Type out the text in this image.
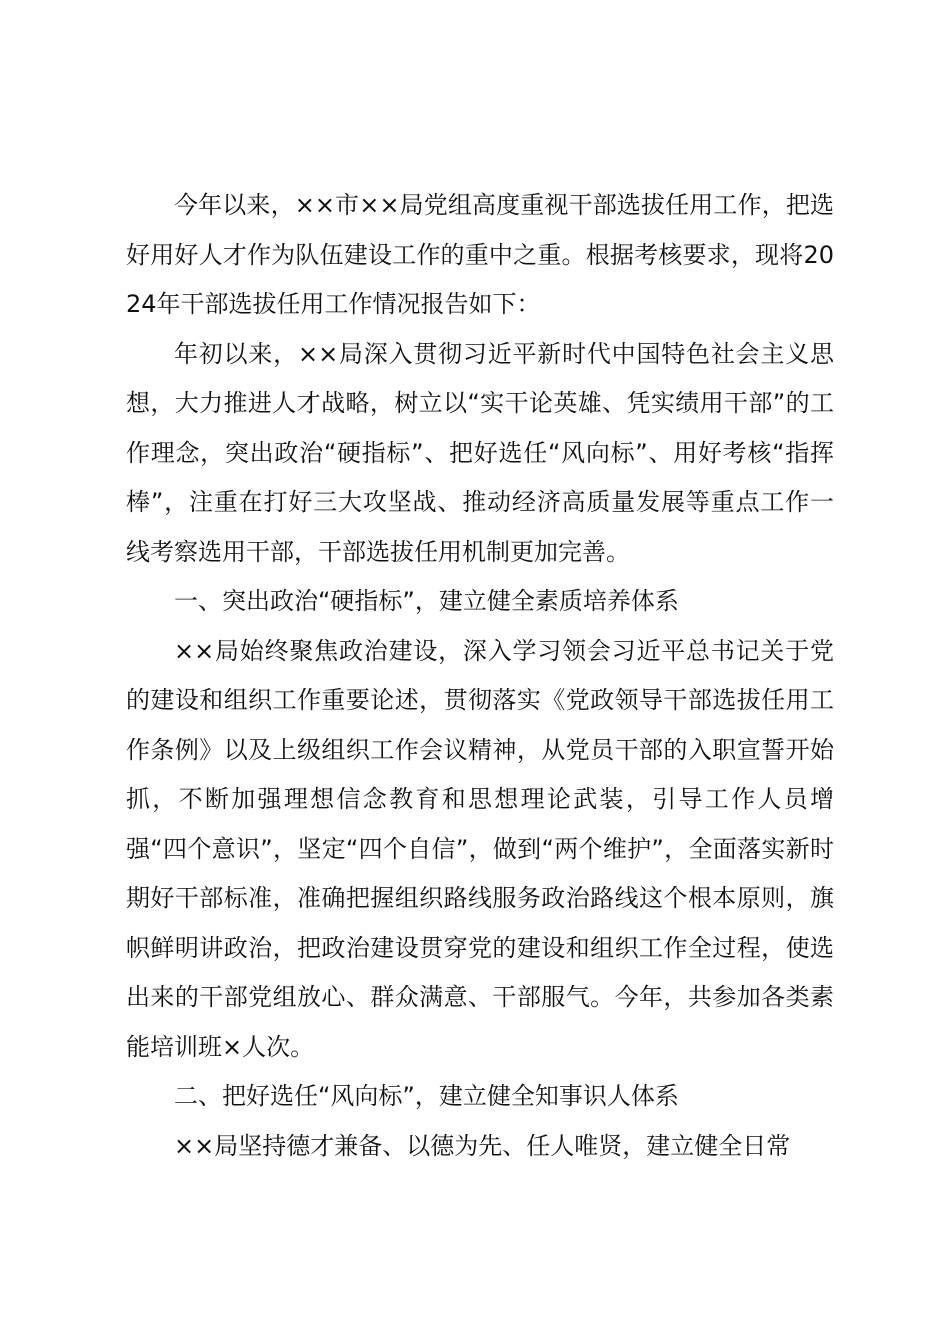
今年以来，××市××局党组高度重视干部选拔任用工作，把选好用好人才作为队伍建设工作的重中之重。根据考核要求，现将2024年干部选拔任用工作情况报告如下：

年初以来，××局深入贯彻习近平新时代中国特色社会主义思想，大力推进人才战略，树立以“实干论英雄、凭实绩用干部”的工作理念，突出政治“硬指标”、把好选任“风向标”、用好考核“指挥棒”，注重在打好三大攻坚战、推动经济高质量发展等重点工作一线考察选用干部，干部选拔任用机制更加完善。

一、突出政治“硬指标”，建立健全素质培养体系

××局始终聚焦政治建设，深入学习领会习近平总书记关于党的建设和组织工作重要论述，贯彻落实《党政领导干部选拔任用工作条例》以及上级组织工作会议精神，从党员干部的入职宣誓开始抓，不断加强理想信念教育和思想理论武装，引导工作人员增强“四个意识”，坚定“四个自信”，做到“两个维护”，全面落实新时期好干部标准，准确把握组织路线服务政治路线这个根本原则，旗帜鲜明讲政治，把政治建设贯穿党的建设和组织工作全过程，使选出来的干部党组放心、群众满意、干部服气。今年，共参加各类素能培训班×人次。

二、把好选任“风向标”，建立健全知事识人体系

××局坚持德才兼备、以德为先、任人唯贤，建立健全日常
